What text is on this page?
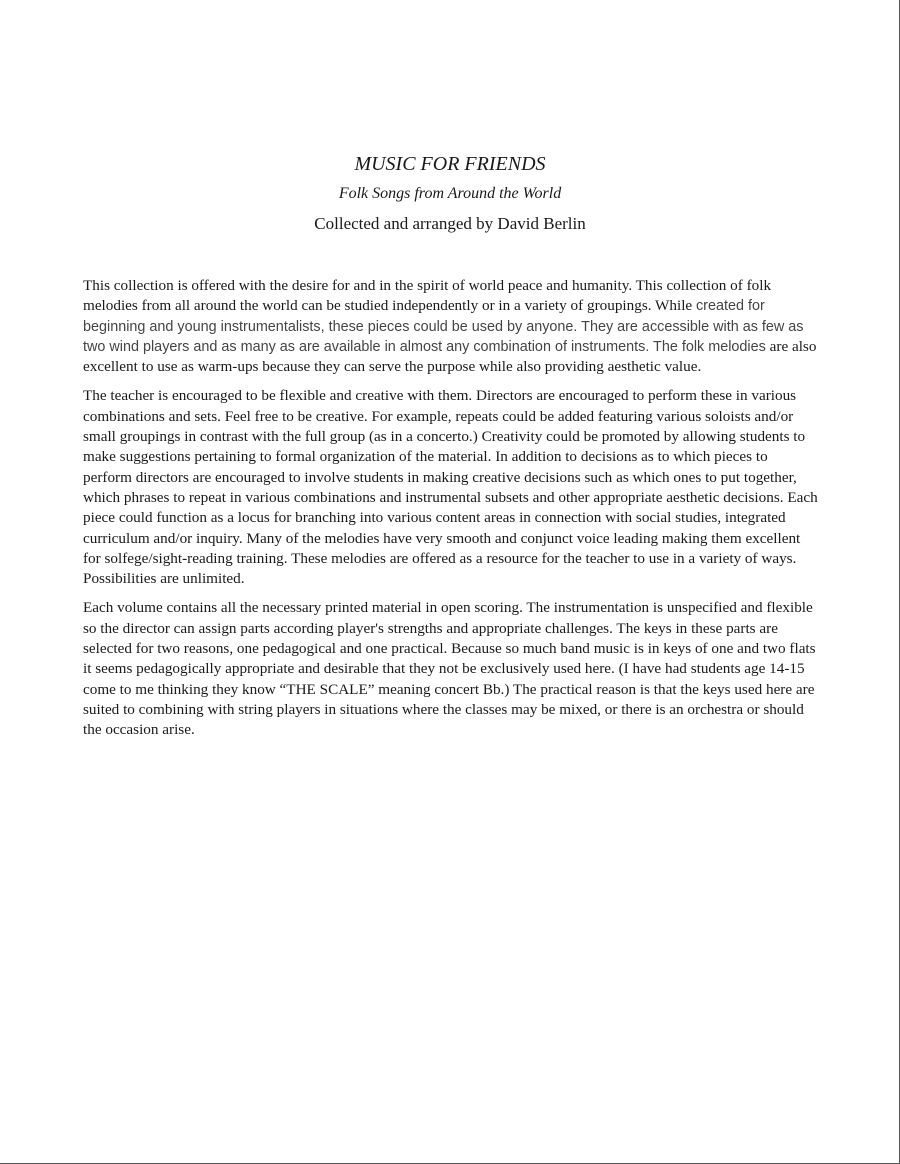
MUSIC FOR FRIENDS

Folk Songs from Around the World

Collected and arranged by David Berlin

This collection is offered with the desire for and in the spirit of world peace and humanity. This collection of folk melodies from all around the world can be studied independently or in a variety of groupings. While created for beginning and young instrumentalists, these pieces could be used by anyone. They are accessible with as few as two wind players and as many as are available in almost any combination of instruments. The folk melodies are also excellent to use as warm-ups because they can serve the purpose while also providing aesthetic value.

The teacher is encouraged to be flexible and creative with them. Directors are encouraged to perform these in various combinations and sets. Feel free to be creative. For example, repeats could be added featuring various soloists and/or small groupings in contrast with the full group (as in a concerto.) Creativity could be promoted by allowing students to make suggestions pertaining to formal organization of the material. In addition to decisions as to which pieces to perform directors are encouraged to involve students in making creative decisions such as which ones to put together, which phrases to repeat in various combinations and instrumental subsets and other appropriate aesthetic decisions. Each piece could function as a locus for branching into various content areas in connection with social studies, integrated curriculum and/or inquiry. Many of the melodies have very smooth and conjunct voice leading making them excellent for solfege/sight-reading training. These melodies are offered as a resource for the teacher to use in a variety of ways. Possibilities are unlimited.

Each volume contains all the necessary printed material in open scoring. The instrumentation is unspecified and flexible so the director can assign parts according player's strengths and appropriate challenges. The keys in these parts are selected for two reasons, one pedagogical and one practical. Because so much band music is in keys of one and two flats it seems pedagogically appropriate and desirable that they not be exclusively used here. (I have had students age 14-15 come to me thinking they know “THE SCALE” meaning concert Bb.) The practical reason is that the keys used here are suited to combining with string players in situations where the classes may be mixed, or there is an orchestra or should the occasion arise.
